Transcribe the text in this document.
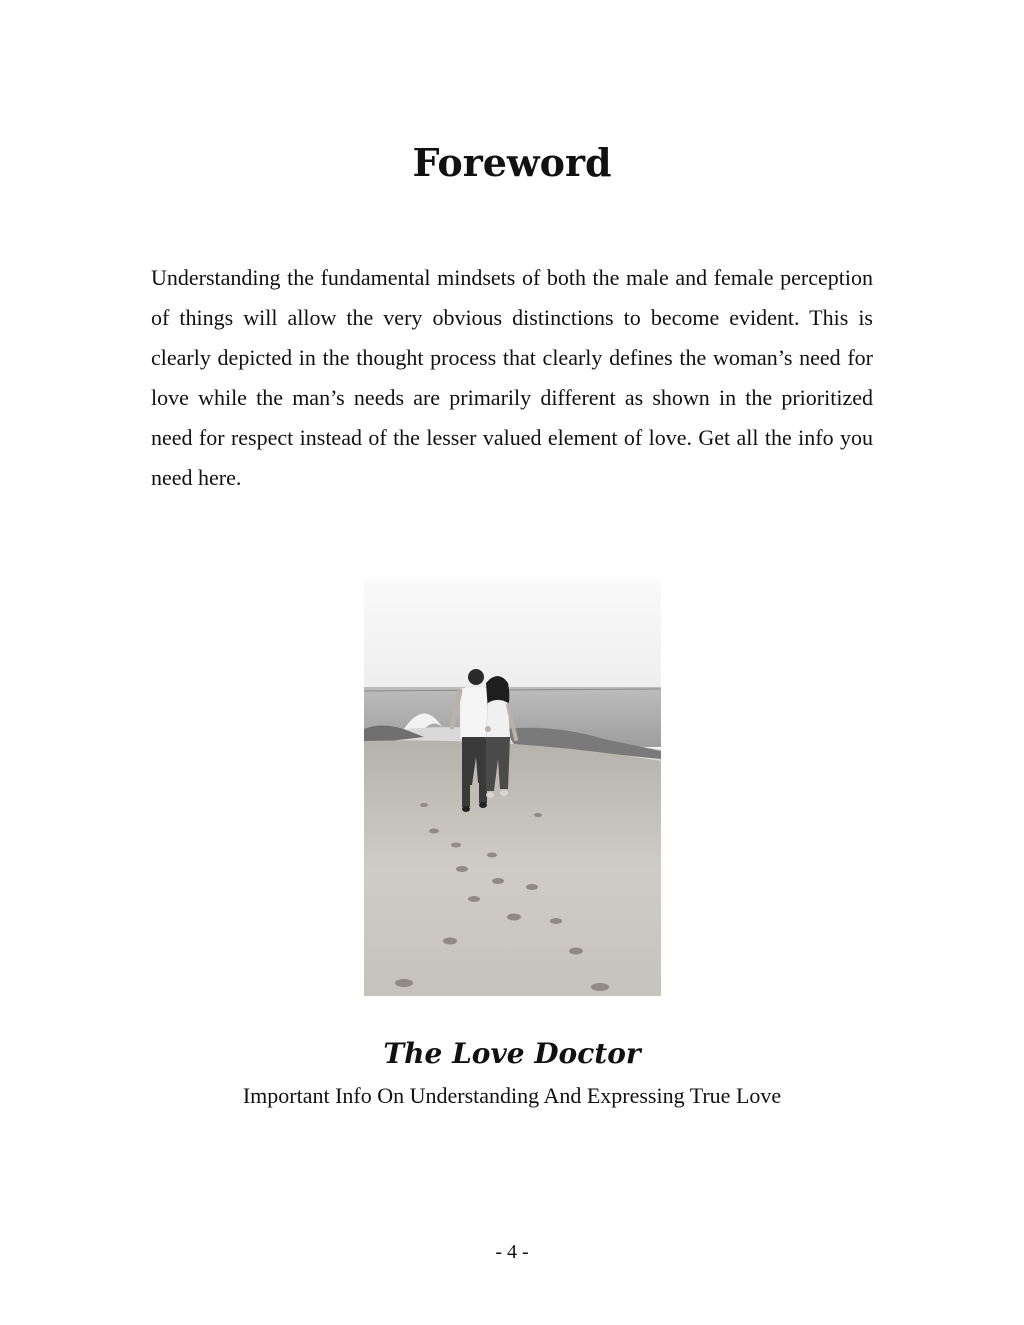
Foreword

Understanding the fundamental mindsets of both the male and female perception of things will allow the very obvious distinctions to become evident. This is clearly depicted in the thought process that clearly defines the woman’s need for love while the man’s needs are primarily different as shown in the prioritized need for respect instead of the lesser valued element of love. Get all the info you need here.

The Love Doctor

Important Info On Understanding And Expressing True Love

- 4 -
